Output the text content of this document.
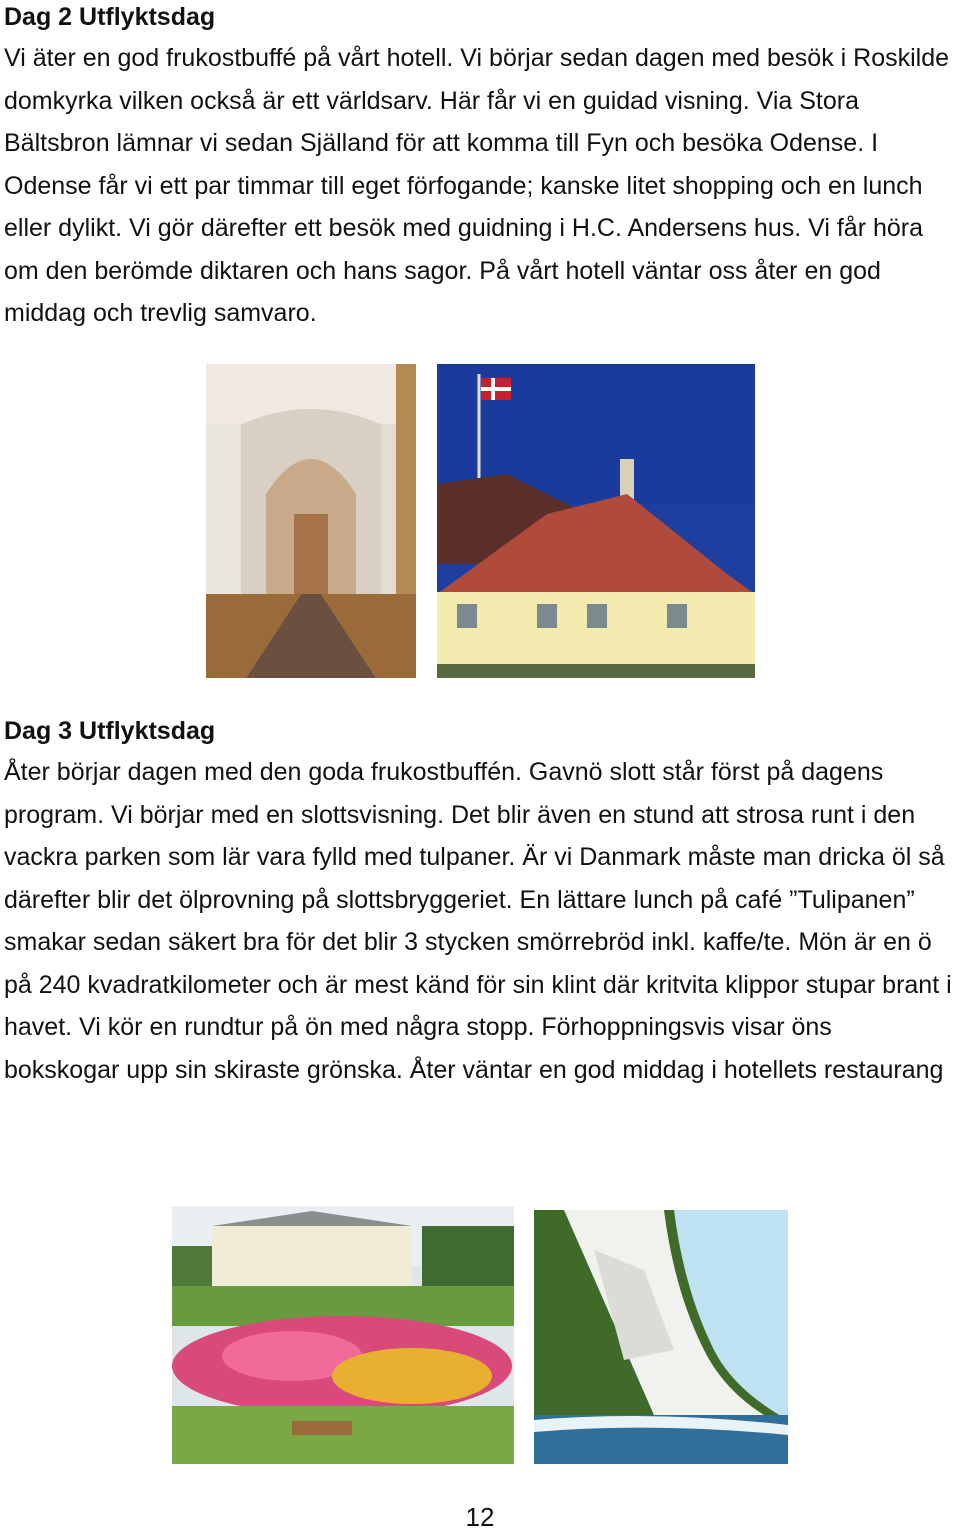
Dag 2 Utflyktsdag

Vi äter en god frukostbuffé på vårt hotell. Vi börjar sedan dagen med besök i Roskilde domkyrka vilken också är ett världsarv. Här får vi en guidad visning. Via Stora Bältsbron lämnar vi sedan Själland för att komma till Fyn och besöka Odense. I Odense får vi ett par timmar till eget förfogande; kanske litet shopping och en lunch eller dylikt. Vi gör därefter ett besök med guidning i H.C. Andersens hus. Vi får höra om den berömde diktaren och hans sagor. På vårt hotell väntar oss åter en god middag och trevlig samvaro.

Dag 3 Utflyktsdag

Åter börjar dagen med den goda frukostbuffén. Gavnö slott står först på dagens program. Vi börjar med en slottsvisning. Det blir även en stund att strosa runt i den vackra parken som lär vara fylld med tulpaner. Är vi Danmark måste man dricka öl så därefter blir det ölprovning på slottsbryggeriet. En lättare lunch på café ”Tulipanen” smakar sedan säkert bra för det blir 3 stycken smörrebröd inkl. kaffe/te. Mön är en ö på 240 kvadratkilometer och är mest känd för sin klint där kritvita klippor stupar brant i havet. Vi kör en rundtur på ön med några stopp. Förhoppningsvis visar öns bokskogar upp sin skiraste grönska. Åter väntar en god middag i hotellets restaurang

12
